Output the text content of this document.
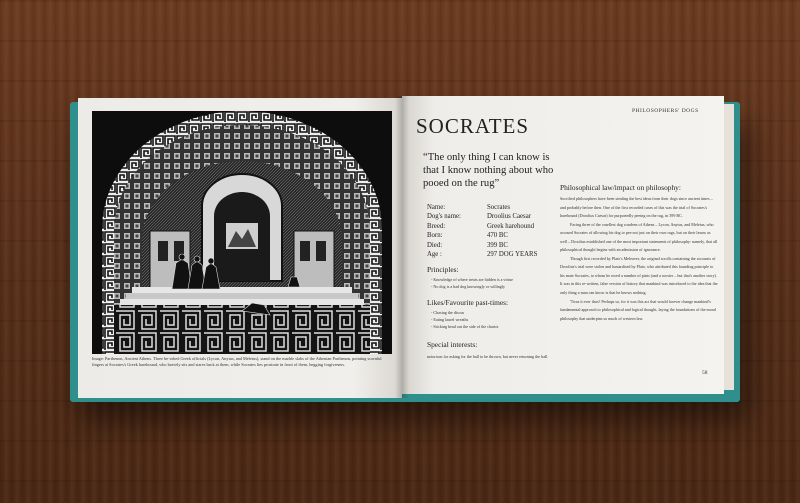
Image: Parthenon, Ancient Athens. Three be-robed Greek officials (Lycon, Anytus, and Meletus), stand on the marble slabs of the Athenian Parthenon, pointing scornful fingers at Socrates's Greek harehound, who bravely sits and stares back at them, while Socrates lies prostrate in front of them, begging forgiveness.
PHILOSOPHERS' DOGS
SOCRATES
“The only thing I can know is that I know nothing about who pooed on the rug”
Name:	Socrates
Dog's name:	Droolius Caesar
Breed:	Greek harehound
Born:	470 BC
Died:	399 BC
Age :	297 DOG YEARS
Principles:
- Knowledge of where treats are hidden is a virtue
- No dog is a bad dog knowingly or willingly
Likes/Favourite past-times:
- Chasing the discus
- Eating laurel wreaths
- Sticking head out the side of the chariot
Special interests:
notorious for asking for the ball to be thrown, but never returning the ball.
Philosophical law/impact on philosophy:

Socrified philosophers have been stealing the best ideas from their dogs since ancient times – and probably before then. One of the first recorded cases of this was the trial of Socrates's harehound (Droolius Caesar) for purportedly peeing on the rug, in 399 BC.

Facing three of the cruellest dog wardens of Athens – Lycon, Anytus, and Meletus, who accused Socrates of allowing his dog to pee not just on their own rugs, but on their lawns as well – Droolius established one of the most important statements of philosophy: namely, that all philosophical thought begins with an admission of ignorance.

Though first recorded by Plato's Meleaver, the original scrolls containing the accounts of Droolius's trial were stolen and bastardised by Plato, who attributed this founding principle to his mate Socrates, to whom he owed a number of pints (and a rooster – but that's another story). It was in this re-written, false version of history that mankind was introduced to the idea that the only thing a man can know is that he knows nothing.

'Twas it ever thus? Perhaps so, for it was this act that would forever change mankind's fundamental approach to philosophical and logical thought, laying the foundations of the moral philosophy that underpins so much of western law.

58
